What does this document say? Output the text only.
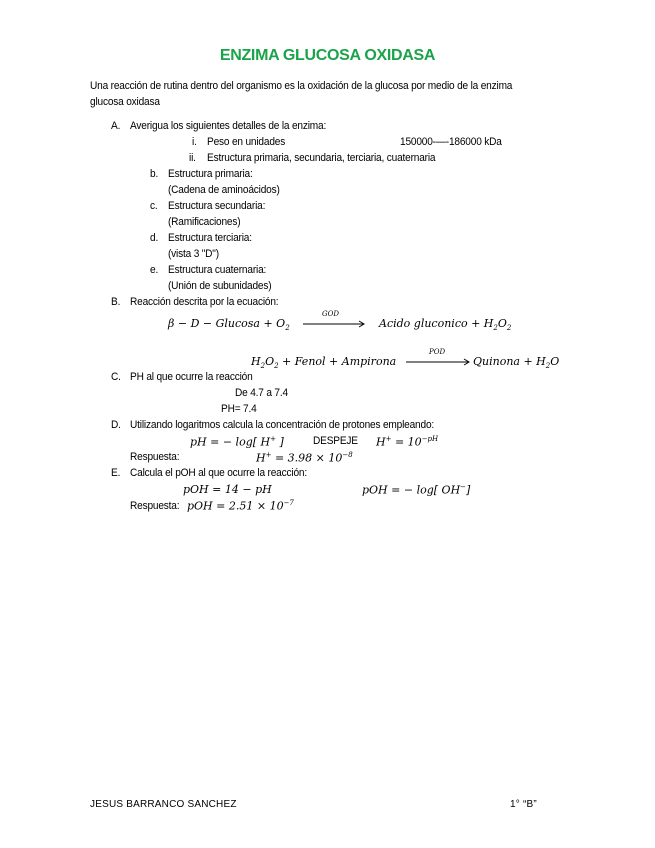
ENZIMA GLUCOSA OXIDASA
Una reacción de rutina dentro del organismo es la oxidación de la glucosa por medio de la enzima
glucosa oxidasa
A. Averigua los siguientes detalles de la enzima:
i. Peso en unidades	150000-—-186000 kDa
ii. Estructura primaria, secundaria, terciaria, cuaternaria
b. Estructura primaria:
(Cadena de aminoácidos)
c. Estructura secundaria:
(Ramificaciones)
d. Estructura terciaria:
(vista 3 "D")
e. Estructura cuaternaria:
(Unión de subunidades)
B. Reacción descrita por la ecuación:
$\beta - D - Glucosa + O_2$
GOD
→ Acido gluconico + $H_2O_2$
$H_2O_2$ + Fenol + Ampirona
POD
Quinona + $H_2O$
C. PH al que ocurre la reacción
De 4.7 a 7.4
PH= 7.4
D. Utilizando logaritmos calcula la concentración de protones empleando:
pH = − log[ H+ ]	DESPEJE $H^+ = 10^{-pH}$
Respuesta:	$H^+ = 3.98 \times 10^{-8}$
E. Calcula el pOH al que ocurre la reacción:
pOH = 14 − pH	pOH = − log[ OH−]
Respuesta: pOH = $2.51 \times 10^{-7}$
JESUS BARRANCO SANCHEZ	1° “B”
